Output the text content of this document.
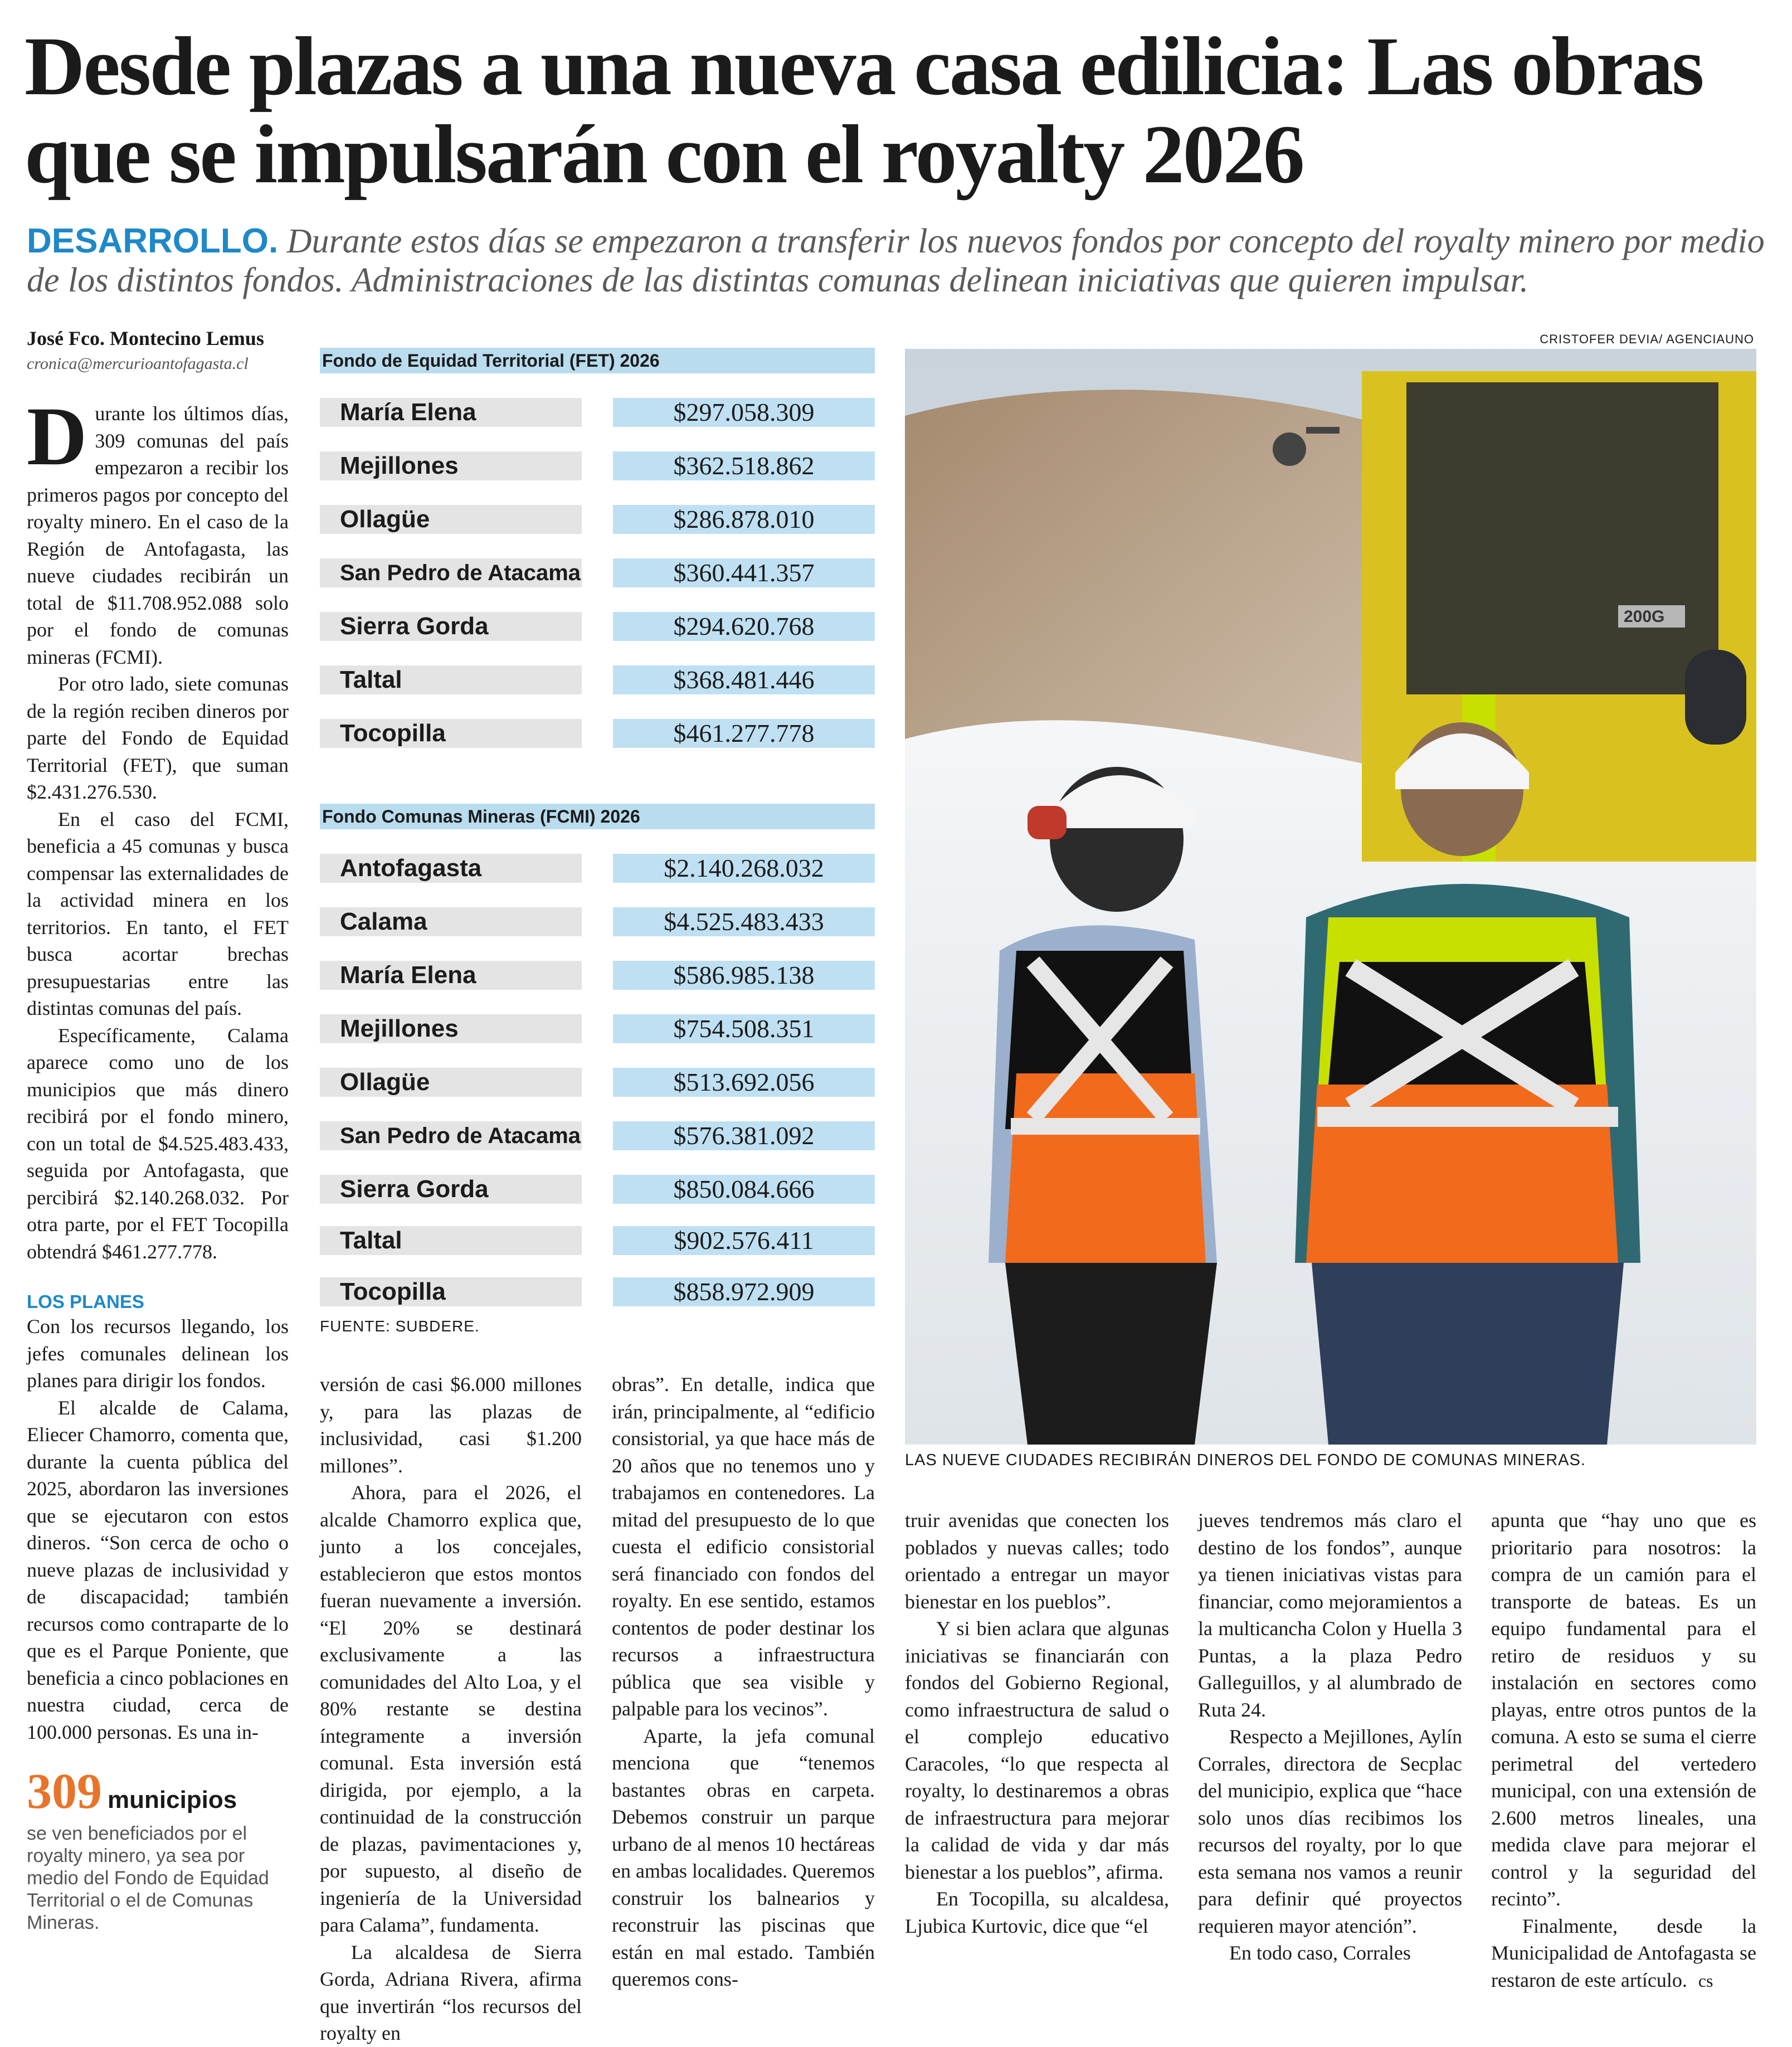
Desde plazas a una nueva casa edilicia: Las obras que se impulsarán con el royalty 2026
DESARROLLO. Durante estos días se empezaron a transferir los nuevos fondos por concepto del royalty minero por medio de los distintos fondos. Administraciones de las distintas comunas delinean iniciativas que quieren impulsar.
José Fco. Montecino Lemus
cronica@mercurioantofagasta.cl

Durante los últimos días, 309 comunas del país empezaron a recibir los primeros pagos por concepto del royalty minero. En el caso de la Región de Antofagasta, las nueve ciudades recibirán un total de $11.708.952.088 solo por el fondo de comunas mineras (FCMI).

Por otro lado, siete comunas de la región reciben dineros por parte del Fondo de Equidad Territorial (FET), que suman $2.431.276.530.

En el caso del FCMI, beneficia a 45 comunas y busca compensar las externalidades de la actividad minera en los territorios. En tanto, el FET busca acortar brechas presupuestarias entre las distintas comunas del país.

Específicamente, Calama aparece como uno de los municipios que más dinero recibirá por el fondo minero, con un total de $4.525.483.433, seguida por Antofagasta, que percibirá $2.140.268.032. Por otra parte, por el FET Tocopilla obtendrá $461.277.778.

LOS PLANES

Con los recursos llegando, los jefes comunales delinean los planes para dirigir los fondos.

El alcalde de Calama, Eliecer Chamorro, comenta que, durante la cuenta pública del 2025, abordaron las inversiones que se ejecutaron con estos dineros. “Son cerca de ocho o nueve plazas de inclusividad y de discapacidad; también recursos como contraparte de lo que es el Parque Poniente, que beneficia a cinco poblaciones en nuestra ciudad, cerca de 100.000 personas. Es una in-

309 municipios
se ven beneficiados por el royalty minero, ya sea por medio del Fondo de Equidad Territorial o el de Comunas Mineras.
Fondo de Equidad Territorial (FET) 2026
María Elena	$297.058.309
Mejillones	$362.518.862
Ollagüe	$286.878.010
San Pedro de Atacama	$360.441.357
Sierra Gorda	$294.620.768
Taltal	$368.481.446
Tocopilla	$461.277.778
Fondo Comunas Mineras (FCMI) 2026
Antofagasta	$2.140.268.032
Calama	$4.525.483.433
María Elena	$586.985.138
Mejillones	$754.508.351
Ollagüe	$513.692.056
San Pedro de Atacama	$576.381.092
Sierra Gorda	$850.084.666
Taltal	$902.576.411
Tocopilla	$858.972.909
FUENTE: SUBDERE.
CRISTOFER DEVIA/ AGENCIAUNO
200G
LAS NUEVE CIUDADES RECIBIRÁN DINEROS DEL FONDO DE COMUNAS MINERAS.

versión de casi $6.000 millones y, para las plazas de inclusividad, casi $1.200 millones”.

Ahora, para el 2026, el alcalde Chamorro explica que, junto a los concejales, establecieron que estos montos fueran nuevamente a inversión. “El 20% se destinará exclusivamente a las comunidades del Alto Loa, y el 80% restante se destina íntegramente a inversión comunal. Esta inversión está dirigida, por ejemplo, a la continuidad de la construcción de plazas, pavimentaciones y, por supuesto, al diseño de ingeniería de la Universidad para Calama”, fundamenta.

La alcaldesa de Sierra Gorda, Adriana Rivera, afirma que invertirán “los recursos del royalty en

obras”. En detalle, indica que irán, principalmente, al “edificio consistorial, ya que hace más de 20 años que no tenemos uno y trabajamos en contenedores. La mitad del presupuesto de lo que cuesta el edificio consistorial será financiado con fondos del royalty. En ese sentido, estamos contentos de poder destinar los recursos a infraestructura pública que sea visible y palpable para los vecinos”.

Aparte, la jefa comunal menciona que “tenemos bastantes obras en carpeta. Debemos construir un parque urbano de al menos 10 hectáreas en ambas localidades. Queremos construir los balnearios y reconstruir las piscinas que están en mal estado. También queremos cons-

truir avenidas que conecten los poblados y nuevas calles; todo orientado a entregar un mayor bienestar en los pueblos”.

Y si bien aclara que algunas iniciativas se financiarán con fondos del Gobierno Regional, como infraestructura de salud o el complejo educativo Caracoles, “lo que respecta al royalty, lo destinaremos a obras de infraestructura para mejorar la calidad de vida y dar más bienestar a los pueblos”, afirma.

En Tocopilla, su alcaldesa, Ljubica Kurtovic, dice que “el

jueves tendremos más claro el destino de los fondos”, aunque ya tienen iniciativas vistas para financiar, como mejoramientos a la multicancha Colon y Huella 3 Puntas, a la plaza Pedro Galleguillos, y al alumbrado de Ruta 24.

Respecto a Mejillones, Aylín Corrales, directora de Secplac del municipio, explica que “hace solo unos días recibimos los recursos del royalty, por lo que esta semana nos vamos a reunir para definir qué proyectos requieren mayor atención”.

En todo caso, Corrales

apunta que “hay uno que es prioritario para nosotros: la compra de un camión para el transporte de bateas. Es un equipo fundamental para el retiro de residuos y su instalación en sectores como playas, entre otros puntos de la comuna. A esto se suma el cierre perimetral del vertedero municipal, con una extensión de 2.600 metros lineales, una medida clave para mejorar el control y la seguridad del recinto”.

Finalmente, desde la Municipalidad de Antofagasta se restaron de este artículo. cs
